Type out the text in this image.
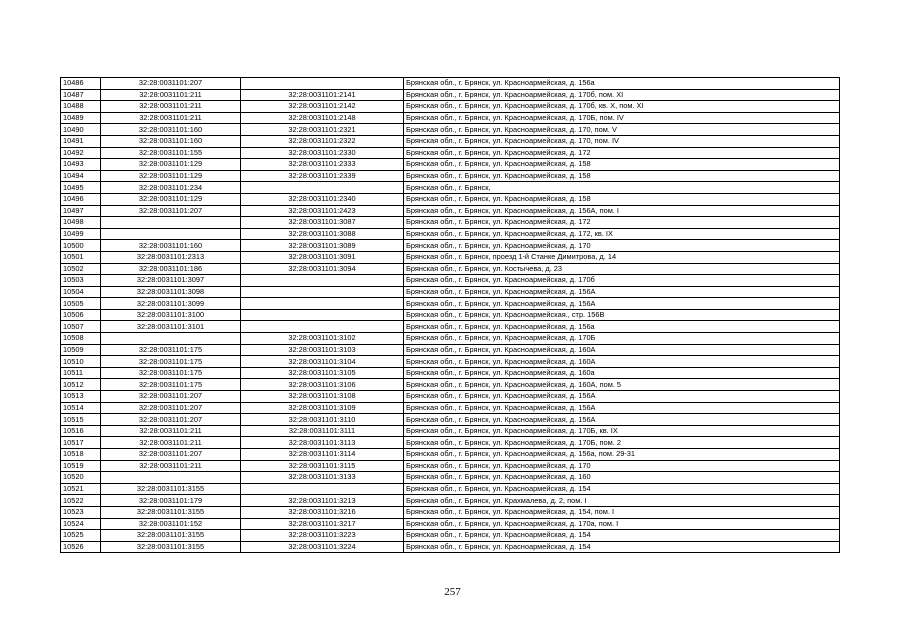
10486	32:28:0031101:207		Брянская обл., г. Брянск, ул. Красноармейская, д. 156а
10487	32:28:0031101:211	32:28:0031101:2141	Брянская обл., г. Брянск, ул. Красноармейская, д. 170б, пом. XI
10488	32:28:0031101:211	32:28:0031101:2142	Брянская обл., г. Брянск, ул. Красноармейская, д. 170б, кв. X, пом. XI
10489	32:28:0031101:211	32:28:0031101:2148	Брянская обл., г. Брянск, ул. Красноармейская, д. 170Б, пом. IV
10490	32:28:0031101:160	32:28:0031101:2321	Брянская обл., г. Брянск, ул. Красноармейская, д. 170, пом. V
10491	32:28:0031101:160	32:28:0031101:2322	Брянская обл., г. Брянск, ул. Красноармейская, д. 170, пом. IV
10492	32:28:0031101:155	32:28:0031101:2330	Брянская обл., г. Брянск, ул. Красноармейская, д. 172
10493	32:28:0031101:129	32:28:0031101:2333	Брянская обл., г. Брянск, ул. Красноармейская, д. 158
10494	32:28:0031101:129	32:28:0031101:2339	Брянская обл., г. Брянск, ул. Красноармейская, д. 158
10495	32:28:0031101:234		Брянская обл., г. Брянск,
10496	32:28:0031101:129	32:28:0031101:2340	Брянская обл., г. Брянск, ул. Красноармейская, д. 158
10497	32:28:0031101:207	32:28:0031101:2423	Брянская обл., г. Брянск, ул. Красноармейская, д. 156А, пом. I
10498		32:28:0031101:3087	Брянская обл., г. Брянск, ул. Красноармейская, д. 172
10499		32:28:0031101:3088	Брянская обл., г. Брянск, ул. Красноармейская, д. 172, кв. IX
10500	32:28:0031101:160	32:28:0031101:3089	Брянская обл., г. Брянск, ул. Красноармейская, д. 170
10501	32:28:0031101:2313	32:28:0031101:3091	Брянская обл., г. Брянск, проезд 1-й Станке Димитрова, д. 14
10502	32:28:0031101:186	32:28:0031101:3094	Брянская обл., г. Брянск, ул. Костычева, д. 23
10503	32:28:0031101:3097		Брянская обл., г. Брянск, ул. Красноармейская, д. 170б
10504	32:28:0031101:3098		Брянская обл., г. Брянск, ул. Красноармейская, д. 156А
10505	32:28:0031101:3099		Брянская обл., г. Брянск, ул. Красноармейская, д. 156А
10506	32:28:0031101:3100		Брянская обл., г. Брянск, ул. Красноармейская., стр. 156В
10507	32:28:0031101:3101		Брянская обл., г. Брянск, ул. Красноармейская, д. 156а
10508		32:28:0031101:3102	Брянская обл., г. Брянск, ул. Красноармейская, д. 170Б
10509	32:28:0031101:175	32:28:0031101:3103	Брянская обл., г. Брянск, ул. Красноармейская, д. 160А
10510	32:28:0031101:175	32:28:0031101:3104	Брянская обл., г. Брянск, ул. Красноармейская, д. 160А
10511	32:28:0031101:175	32:28:0031101:3105	Брянская обл., г. Брянск, ул. Красноармейская, д. 160а
10512	32:28:0031101:175	32:28:0031101:3106	Брянская обл., г. Брянск, ул. Красноармейская, д. 160А, пом. 5
10513	32:28:0031101:207	32:28:0031101:3108	Брянская обл., г. Брянск, ул. Красноармейская, д. 156А
10514	32:28:0031101:207	32:28:0031101:3109	Брянская обл., г. Брянск, ул. Красноармейская, д. 156А
10515	32:28:0031101:207	32:28:0031101:3110	Брянская обл., г. Брянск, ул. Красноармейская, д. 156А
10516	32:28:0031101:211	32:28:0031101:3111	Брянская обл., г. Брянск, ул. Красноармейская, д. 170Б, кв. IX
10517	32:28:0031101:211	32:28:0031101:3113	Брянская обл., г. Брянск, ул. Красноармейская, д. 170Б, пом. 2
10518	32:28:0031101:207	32:28:0031101:3114	Брянская обл., г. Брянск, ул. Красноармейская, д. 156а, пом. 29-31
10519	32:28:0031101:211	32:28:0031101:3115	Брянская обл., г. Брянск, ул. Красноармейская, д. 170
10520		32:28:0031101:3133	Брянская обл., г. Брянск, ул. Красноармейская, д. 160
10521	32:28:0031101:3155		Брянская обл., г. Брянск, ул. Красноармейская, д. 154
10522	32:28:0031101:179	32:28:0031101:3213	Брянская обл., г. Брянск, ул. Крахмалева, д. 2, пом. I
10523	32:28:0031101:3155	32:28:0031101:3216	Брянская обл., г. Брянск, ул. Красноармейская, д. 154, пом. I
10524	32:28:0031101:152	32:28:0031101:3217	Брянская обл., г. Брянск, ул. Красноармейская, д. 170а, пом. I
10525	32:28:0031101:3155	32:28:0031101:3223	Брянская обл., г. Брянск, ул. Красноармейская, д. 154
10526	32:28:0031101:3155	32:28:0031101:3224	Брянская обл., г. Брянск, ул. Красноармейская, д. 154
257
